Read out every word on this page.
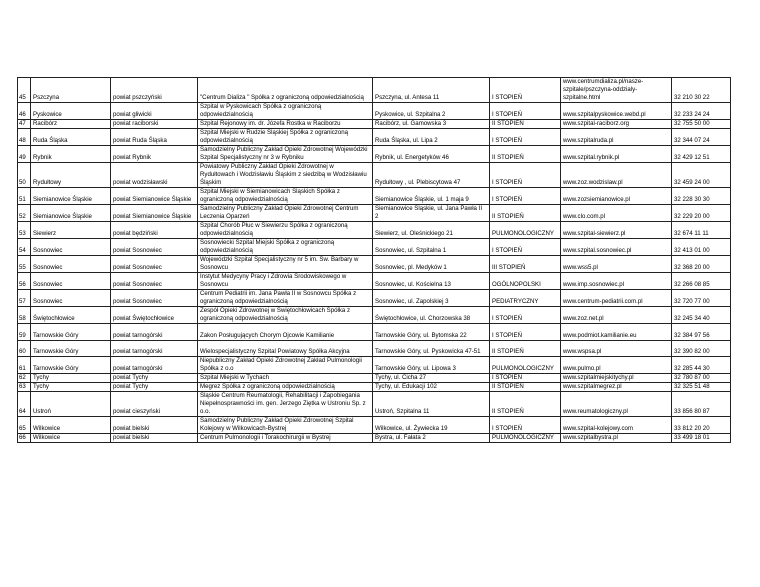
45	Pszczyna	powiat pszczyński	"Centrum Dializa " Spółka z ograniczoną odpowiedzialnością	Pszczyna, ul. Antesa 11	I STOPIEŃ	www.centrumdializa.pl/nasze-szpitale/pszczyna-oddzialy-szpitalne.html	32 210 30 22
46	Pyskowice	powiat gliwicki	Szpital w Pyskowicach Spółka z ograniczoną odpowiedzialnością	Pyskowice, ul. Szpitalna 2	I STOPIEŃ	www.szpitalpyskowice.webd.pl	32 233 24 24
47	Racibórz	powiat raciborski	Szpital Rejonowy im. dr. Józefa Rostka w Raciborzu	Racibórz, ul. Gamowska 3	II STOPIEŃ	www.szpital-raciborz.org	32 755 50 00
48	Ruda Śląska	powiat Ruda Śląska	Szpital Miejski w Rudzie Śląskiej Spółka z ograniczoną odpowiedzialnością	Ruda Śląska, ul. Lipa 2	I STOPIEŃ	www.szpitalruda.pl	32 344 07 24
49	Rybnik	powiat Rybnik	Samodzielny Publiczny Zakład Opieki Zdrowotnej Wojewódzki Szpital Specjalistyczny nr 3 w Rybniku	Rybnik, ul. Energetyków 46	II STOPIEŃ	www.szpital.rybnik.pl	32 429 12 51
50	Rydułtowy	powiat wodzisławski	Powiatowy Publiczny Zakład Opieki Zdrowotnej w Rydułtowach i Wodzisławiu Śląskim z siedzibą w Wodzisławiu Śląskim	Rydułtowy , ul. Plebiscytowa 47	I STOPIEŃ	www.zoz.wodzislaw.pl	32 459 24 00
51	Siemianowice Śląskie	powiat Siemianowice Śląskie	Szpital Miejski w Siemianowicach Śląskich Spółka z ograniczoną odpowiedzialnością	Siemianowice Śląskie, ul. 1 maja 9	I STOPIEŃ	www.zozsiemianowice.pl	32 228 30 30
52	Siemianowice Śląskie	powiat Siemianowice Śląskie	Samodzielny Publiczny Zakład Opieki Zdrowotnej Centrum Leczenia Oparzeń	Siemianowice Śląskie, ul. Jana Pawła II 2	II STOPIEŃ	www.clo.com.pl	32 229 20 00
53	Siewierz	powiat będziński	Szpital Chorób Płuc w Siewierzu Spółka z ograniczoną odpowiedzialnością	Siewierz, ul. Oleśnickiego 21	PULMONOLOGICZNY	www.szpital-siewierz.pl	32 674 11 11
54	Sosnowiec	powiat Sosnowiec	Sosnowiecki Szpital Miejski Spółka z ograniczoną odpowiedzialnością	Sosnowiec, ul. Szpitalna 1	I STOPIEŃ	www.szpital.sosnowiec.pl	32 413 01 00
55	Sosnowiec	powiat Sosnowiec	Wojewódzki Szpital Specjalistyczny nr 5 im. Św. Barbary w Sosnowcu	Sosnowiec, pl. Medyków 1	III STOPIEŃ	www.wss5.pl	32 368 20 00
56	Sosnowiec	powiat Sosnowiec	Instytut Medycyny Pracy i Zdrowia Środowiskowego w Sosnowcu	Sosnowiec, ul. Kościelna 13	OGÓLNOPOLSKI	www.imp.sosnowiec.pl	32 266 08 85
57	Sosnowiec	powiat Sosnowiec	Centrum Pediatrii im. Jana Pawła II w Sosnowcu Spółka z ograniczoną odpowiedzialnością	Sosnowiec, ul. Zapolskiej 3	PEDIATRYCZNY	www.centrum-pediatrii.com.pl	32 720 77 00
58	Świętochłowice	powiat Świętochłowice	Zespół Opieki Zdrowotnej w Świętochłowicach Spółka z ograniczoną odpowiedzialnością	Świętochłowice, ul. Chorzowska 38	I STOPIEŃ	www.zoz.net.pl	32 245 34 40
59	Tarnowskie Góry	powiat tarnogórski	Zakon Posługujących Chorym Ojcowie Kamilianie	Tarnowskie Góry, ul. Bytomska 22	I STOPIEŃ	www.podmiot.kamilianie.eu	32 384 97 56
60	Tarnowskie Góry	powiat tarnogórski	Wielospecjalistyczny Szpital Powiatowy Spółka Akcyjna	Tarnowskie Góry, ul. Pyskowicka 47-51	II STOPIEŃ	www.wspsa.pl	32 390 82 00
61	Tarnowskie Góry	powiat tarnogórski	Niepubliczny Zakład Opieki Zdrowotnej Zakład Pulmonologii Spółka z o.o	Tarnowskie Góry, ul. Lipowa 3	PULMONOLOGICZNY	www.pulmo.pl	32 285 44 30
62	Tychy	powiat Tychy	Szpital Miejski w Tychach	Tychy, ul. Cicha 27	I STOPIEŃ	www.szpitalmiejskitychy.pl	32 780 87 00
63	Tychy	powiat Tychy	Megrez Spółka z ograniczoną odpowiedzialnością	Tychy, ul. Edukacji 102	II STOPIEŃ	www.szpitalmegrez.pl	32 325 51 48
64	Ustroń	powiat cieszyński	Śląskie Centrum Reumatologii, Rehabilitacji i Zapobiegania Niepełnosprawności im. gen. Jerzego Ziętka w Ustroniu Sp. z o.o.	Ustroń, Szpitalna 11	II STOPIEŃ	www.reumatologiczny.pl	33 856 80 87
65	Wilkowice	powiat bielski	Samodzielny Publiczny Zakład Opieki Zdrowotnej Szpital Kolejowy w Wilkowicach-Bystrej	Wilkowice, ul. Żywiecka 19	I STOPIEŃ	www.szpital-kolejowy.com	33 812 20 20
66	Wilkowice	powiat bielski	Centrum Pulmonologii i Torakochirurgii w Bystrej	Bystra, ul. Fałata 2	PULMONOLOGICZNY	www.szpitalbystra.pl	33 499 18 01
